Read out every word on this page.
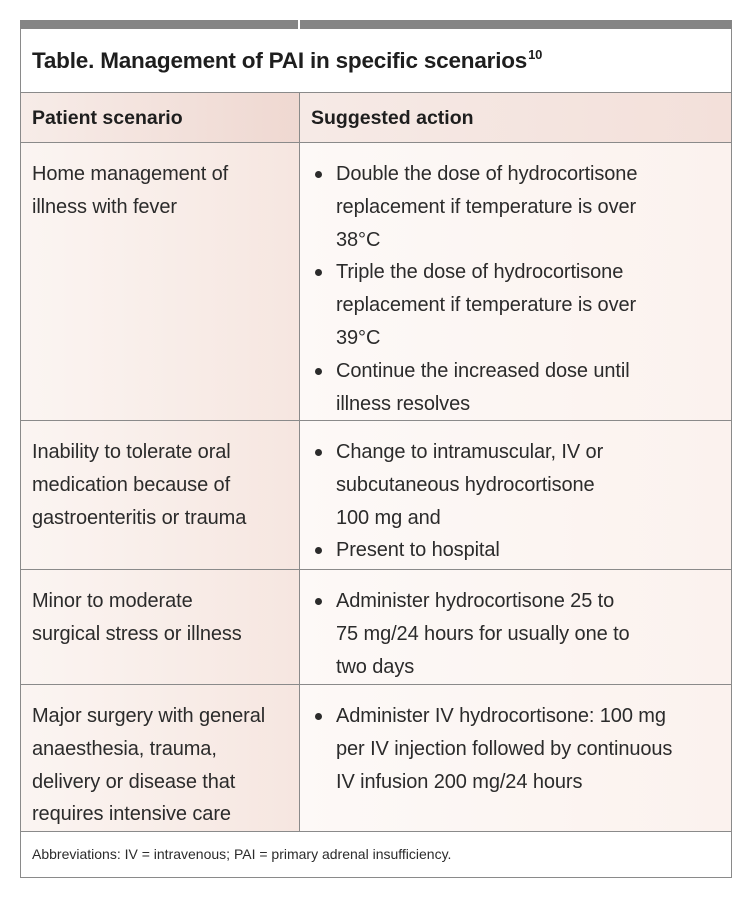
Table. Management of PAI in specific scenarios$^{10}$
Patient scenario	Suggested action
Home management of
illness with fever
Double the dose of hydrocortisone
replacement if temperature is over
38°C
Triple the dose of hydrocortisone
replacement if temperature is over
39°C
Continue the increased dose until
illness resolves
Inability to tolerate oral
medication because of
gastroenteritis or trauma
Change to intramuscular, IV or
subcutaneous hydrocortisone
100 mg and
Present to hospital
Minor to moderate
surgical stress or illness
Administer hydrocortisone 25 to
75 mg/24 hours for usually one to
two days
Major surgery with general
anaesthesia, trauma,
delivery or disease that
requires intensive care
Administer IV hydrocortisone: 100 mg
per IV injection followed by continuous
IV infusion 200 mg/24 hours
Abbreviations: IV = intravenous; PAI = primary adrenal insufficiency.
